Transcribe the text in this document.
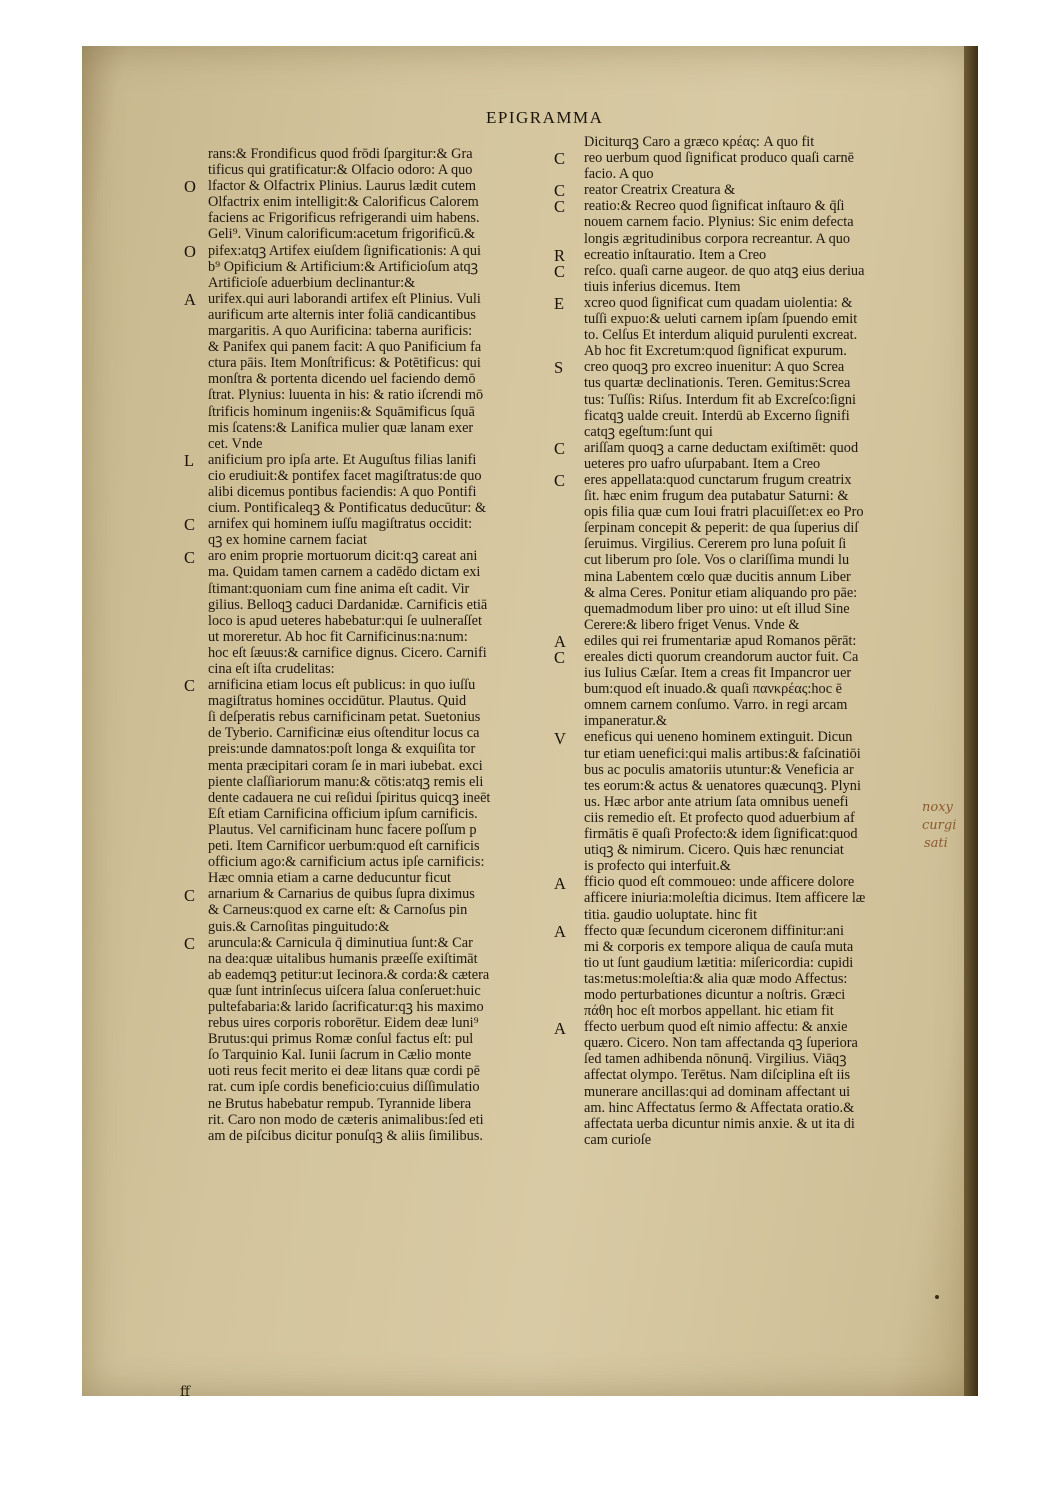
EPIGRAMMA
rans:& Frondificus quod frōdi ſpargitur:& Gra
tificus qui gratificatur:& Olfacio odoro: A quo
lfactor & Olfactrix Plinius. Laurus lædit cutem
Olfactrix enim intelligit:& Calorificus Calorem
faciens ac Frigorificus refrigerandi uim habens.
Geli⁹. Vinum calorificum:acetum frigorificū.&
pifex:atqꝫ Artifex eiuſdem ſignificationis: A qui
b⁹ Opificium & Artificium:& Artificioſum atqꝫ
Artificioſe aduerbium declinantur:&
urifex.qui auri laborandi artifex eſt Plinius. Vuli
aurificum arte alternis inter foliā candicantibus
margaritis. A quo Aurificina: taberna aurificis:
& Panifex qui panem facit: A quo Panificium fa
ctura pāis. Item Monſtrificus: & Potētificus: qui
monſtra & portenta dicendo uel faciendo demō
ſtrat. Plynius: luuenta in his: & ratio iſcrendi mō
ſtrificis hominum ingeniis:& Squāmificus ſquā
mis ſcatens:& Lanifica mulier quæ lanam exer
cet. Vnde
anificium pro ipſa arte. Et Auguſtus filias lanifi
cio erudiuit:& pontifex facet magiſtratus:de quo
alibi dicemus pontibus faciendis: A quo Pontifi
cium. Pontificaleqꝫ & Pontificatus deducūtur: &
arnifex qui hominem iuſſu magiſtratus occidit:
qꝫ ex homine carnem faciat
aro enim proprie mortuorum dicit:qꝫ careat ani
ma. Quidam tamen carnem a cadēdo dictam exi
ſtimant:quoniam cum fine anima eſt cadit. Vir
gilius. Belloqꝫ caduci Dardanidæ. Carnificis etiā
loco is apud ueteres habebatur:qui ſe uulneraſſet
ut moreretur. Ab hoc fit Carnificinus:na:num:
hoc eſt ſæuus:& carnifice dignus. Cicero. Carnifi
cina eſt iſta crudelitas:
arnificina etiam locus eſt publicus: in quo iuſſu
magiſtratus homines occidūtur. Plautus. Quid
ſi deſperatis rebus carnificinam petat. Suetonius
de Tyberio. Carnificinæ eius oſtenditur locus ca
preis:unde damnatos:poſt longa & exquiſita tor
menta præcipitari coram ſe in mari iubebat. exci
piente claſſiariorum manu:& cōtis:atqꝫ remis eli
dente cadauera ne cui reſidui ſpiritus quicqꝫ ineēt
Eſt etiam Carnificina officium ipſum carnificis.
Plautus. Vel carnificinam hunc facere poſſum p
peti. Item Carnificor uerbum:quod eſt carnificis
officium ago:& carnificium actus ipſe carnificis:
Hæc omnia etiam a carne deducuntur ficut
arnarium & Carnarius de quibus ſupra diximus
& Carneus:quod ex carne eſt: & Carnoſus pin
guis.& Carnoſitas pinguitudo:&
aruncula:& Carnicula q̄ diminutiua ſunt:& Car
na dea:quæ uitalibus humanis præeſſe exiſtimāt
ab eademqꝫ petitur:ut Iecinora.& corda:& cætera
quæ ſunt intrinſecus uiſcera ſalua conſeruet:huic
pultefabaria:& larido ſacrificatur:qꝫ his maximo
rebus uires corporis roborētur. Eidem deæ luni⁹
Brutus:qui primus Romæ conſul factus eſt: pul
ſo Tarquinio Kal. Iunii ſacrum in Cælio monte
uoti reus fecit merito ei deæ litans quæ cordi pē
rat. cum ipſe cordis beneficio:cuius diſſimulatio
ne Brutus habebatur rempub. Tyrannide libera
rit. Caro non modo de cæteris animalibus:ſed eti
am de piſcibus dicitur ponuſqꝫ & aliis ſimilibus.
Diciturqꝫ Caro a græco κρέας: A quo fit
reo uerbum quod ſignificat produco quaſi carnē
facio. A quo
reator Creatrix Creatura &
reatio:& Recreo quod ſignificat inſtauro & q̄ſi
nouem carnem facio. Plynius: Sic enim defecta
longis ægritudinibus corpora recreantur. A quo
ecreatio inſtauratio. Item a Creo
reſco. quaſi carne augeor. de quo atqꝫ eius deriua
tiuis inferius dicemus. Item
xcreo quod ſignificat cum quadam uiolentia: &
tuſſi expuo:& ueluti carnem ipſam ſpuendo emit
to. Celſus Et interdum aliquid purulenti excreat.
Ab hoc fit Excretum:quod ſignificat expurum.
creo quoqꝫ pro excreo inuenitur: A quo Screa
tus quartæ declinationis. Teren. Gemitus:Screa
tus: Tuſſis: Riſus. Interdum fit ab Excreſco:ſigni
ficatqꝫ ualde creuit. Interdū ab Excerno ſignifi
catqꝫ egeſtum:ſunt qui
ariſſam quoqꝫ a carne deductam exiſtimēt: quod
ueteres pro uafro uſurpabant. Item a Creo
eres appellata:quod cunctarum frugum creatrix
ſit. hæc enim frugum dea putabatur Saturni: &
opis filia quæ cum Ioui fratri placuiſſet:ex eo Pro
ſerpinam concepit & peperit: de qua ſuperius diſ
ſeruimus. Virgilius. Cererem pro luna poſuit ſi
cut liberum pro ſole. Vos o clariſſima mundi lu
mina Labentem cœlo quæ ducitis annum Liber
& alma Ceres. Ponitur etiam aliquando pro pāe:
quemadmodum liber pro uino: ut eſt illud Sine
Cerere:& libero friget Venus. Vnde &
ediles qui rei frumentariæ apud Romanos pērāt:
ereales dicti quorum creandorum auctor fuit. Ca
ius Iulius Cæſar. Item a creas fit Impancror uer
bum:quod eſt inuado.& quaſi πανκρέας:hoc ē
omnem carnem conſumo. Varro. in regi arcam
impaneratur.&
eneficus qui ueneno hominem extinguit. Dicun
tur etiam uenefici:qui malis artibus:& faſcinatiōi
bus ac poculis amatoriis utuntur:& Veneficia ar
tes eorum:& actus & uenatores quæcunqꝫ. Plyni
us. Hæc arbor ante atrium ſata omnibus uenefi
ciis remedio eſt. Et profecto quod aduerbium af
firmātis ē quaſi Profecto:& idem ſignificat:quod
utiqꝫ & nimirum. Cicero. Quis hæc renunciat
is profecto qui interfuit.&
fficio quod eſt commoueo: unde afficere dolore
afficere iniuria:moleſtia dicimus. Item afficere læ
titia. gaudio uoluptate. hinc fit
ffecto quæ ſecundum ciceronem diffinitur:ani
mi & corporis ex tempore aliqua de cauſa muta
tio ut ſunt gaudium lætitia: miſericordia: cupidi
tas:metus:moleſtia:& alia quæ modo Affectus:
modo perturbationes dicuntur a noſtris. Græci
πάθη hoc eſt morbos appellant. hic etiam fit
ffecto uerbum quod eſt nimio affectu: & anxie
quæro. Cicero. Non tam affectanda qꝫ ſuperiora
ſed tamen adhibenda nōnunq̄. Virgilius. Viāqꝫ
affectat olympo. Terētus. Nam diſciplina eſt iis
munerare ancillas:qui ad dominam affectant ui
am. hinc Affectatus ſermo & Affectata oratio.&
affectata uerba dicuntur nimis anxie. & ut ita di
cam curioſe
O
O
A
L
C
C
C
C
C
C
C
C
R
C
E
S
C
C
A
C
V
A
A
A
noxy
curgi
sati
ff
